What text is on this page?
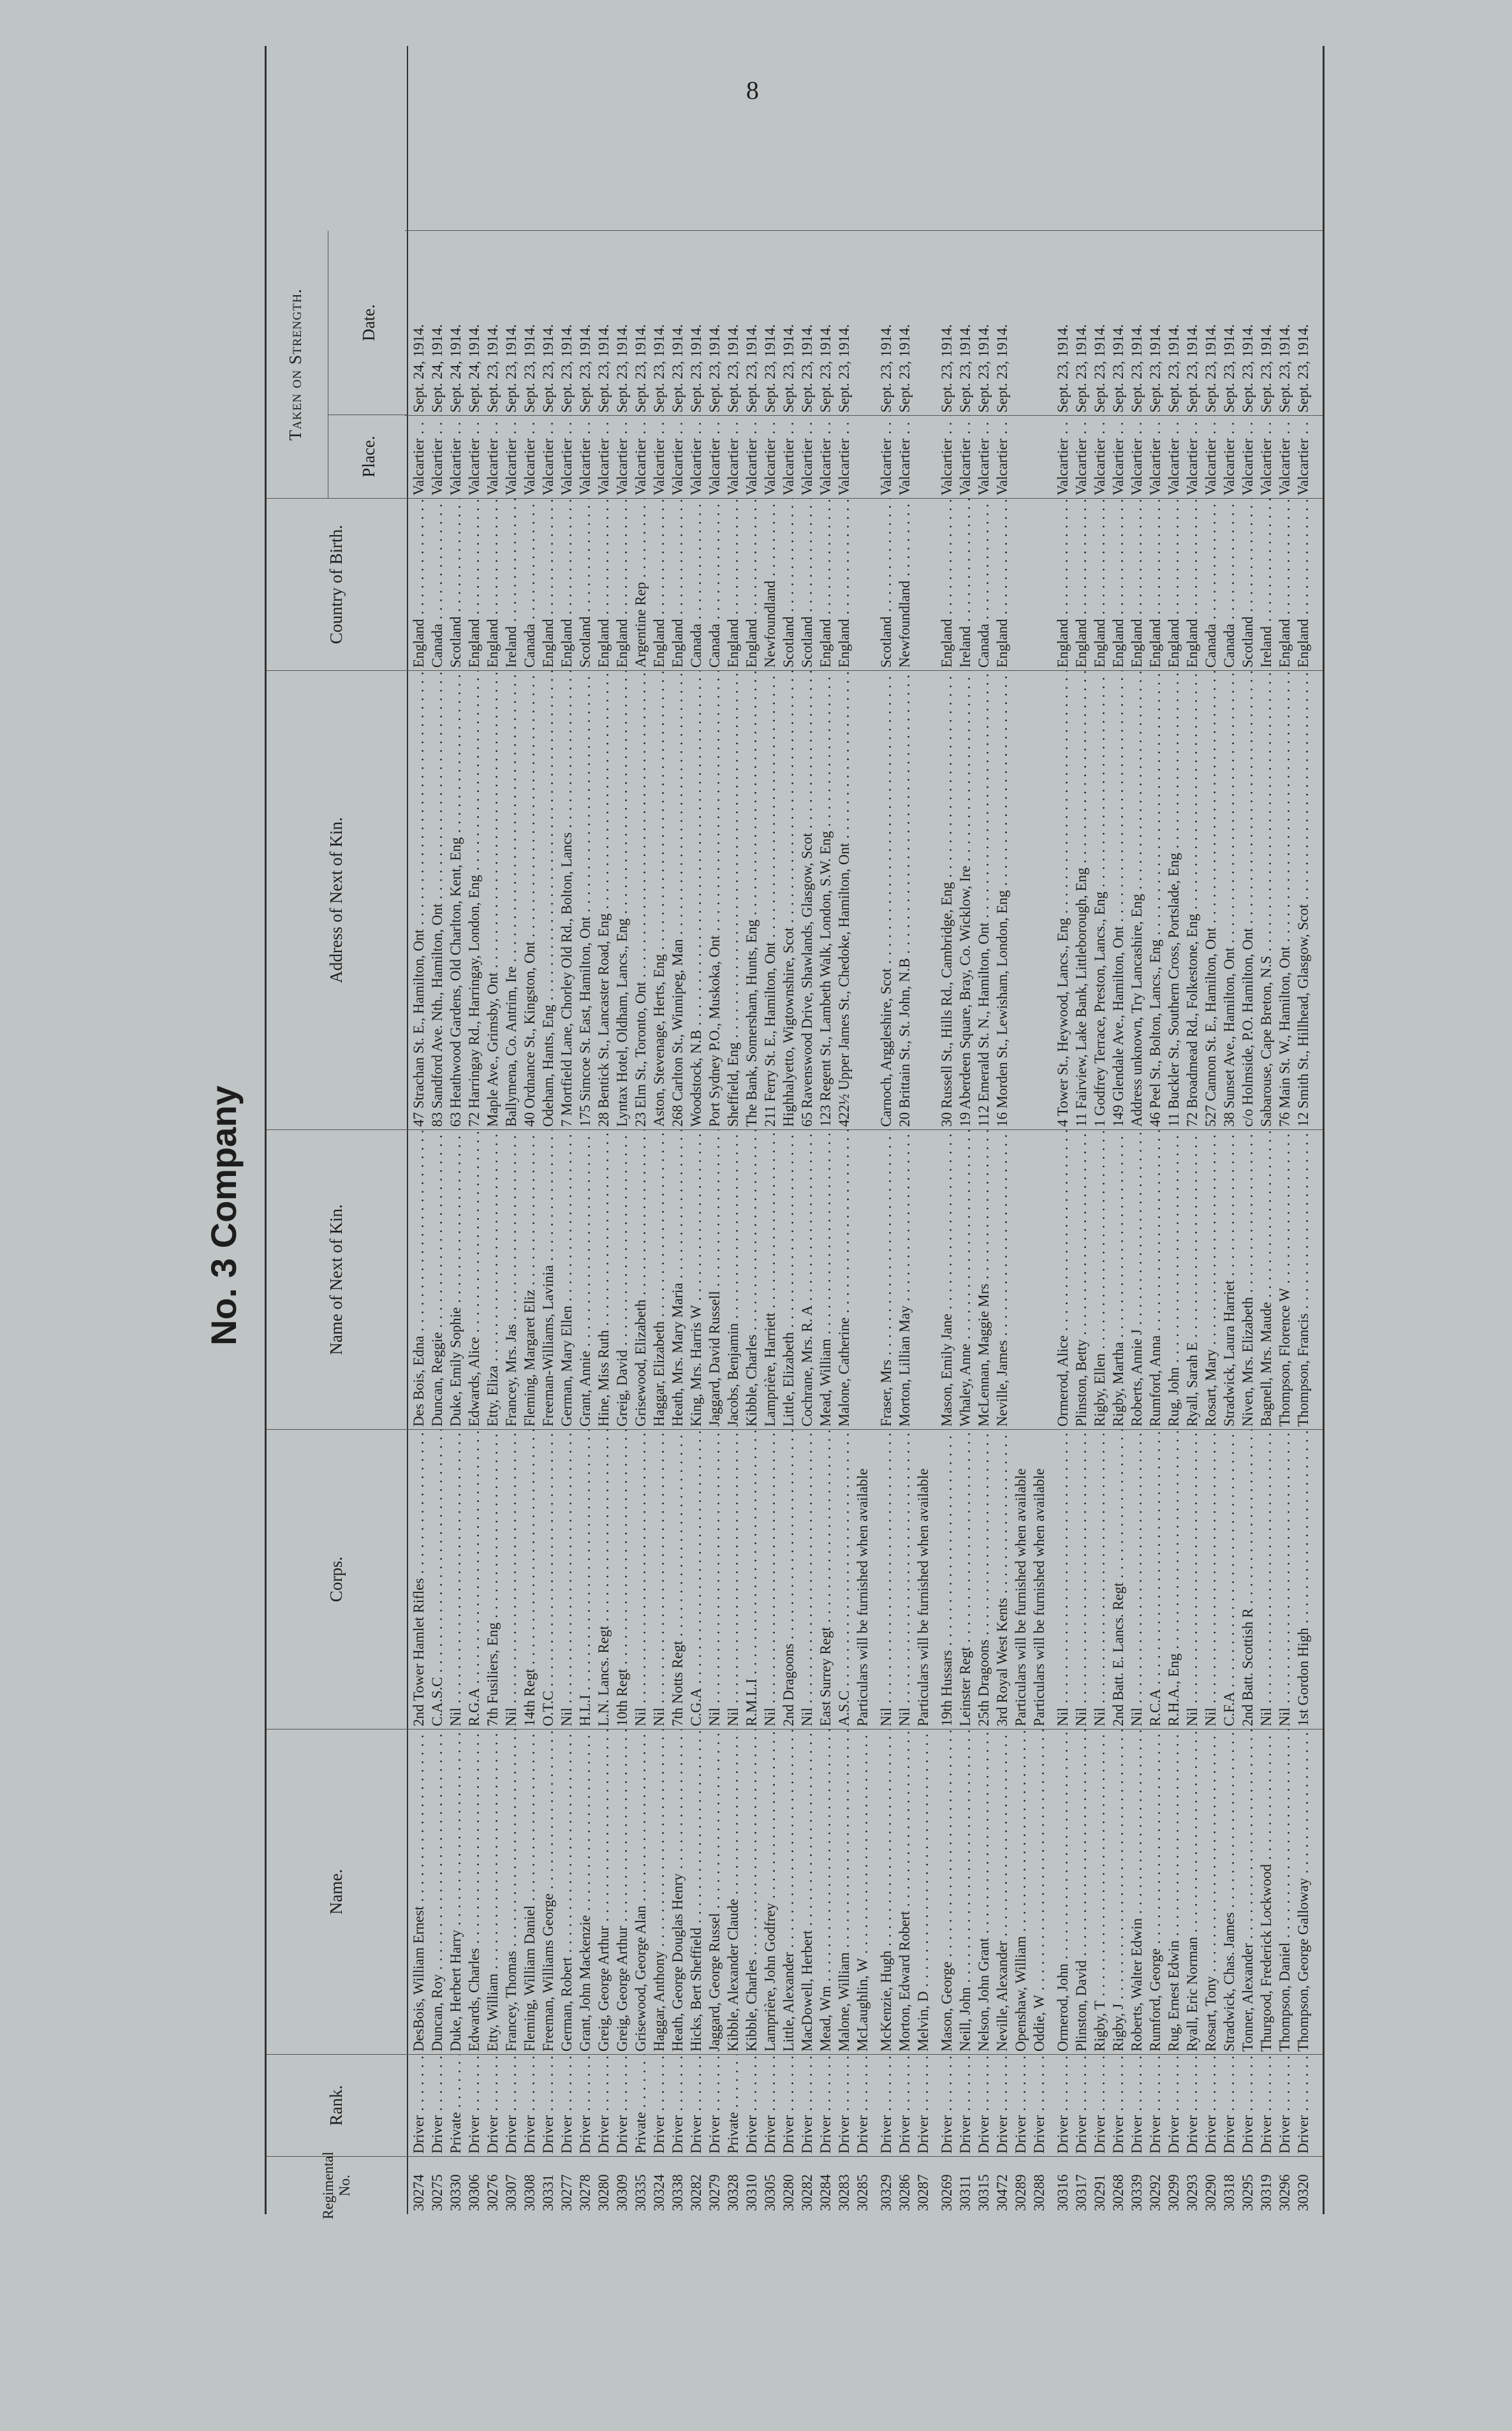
8
No. 3 Company
Regimental No.
Rank.
Name.
Corps.
Name of Next of Kin.
Address of Next of Kin.
Country of Birth.
Taken on Strength.
Place.
Date.
30274
Driver . . .
DesBois, William Ernest . . .
2nd Tower Hamlet Rifles . . .
Des Bois, Edna . . .
47 Strachan St. E., Hamilton, Ont . . .
England . . .
Valcartier . . .
Sept. 24, 1914.
30275
Driver . . .
Duncan, Roy . . .
C.A.S.C . . .
Duncan, Reggie . . .
83 Sandford Ave. Nth., Hamilton, Ont . . .
Canada . . .
Valcartier . . .
Sept. 24, 1914.
30330
Private . . .
Duke, Herbert Harry . . .
Nil . . .
Duke, Emily Sophie . . .
63 Heathwood Gardens, Old Charlton, Kent, Eng . . .
Scotland . . .
Valcartier . . .
Sept. 24, 1914.
30306
Driver . . .
Edwards, Charles . . .
R.G.A . . .
Edwards, Alice . . .
72 Harringay Rd., Harringay, London, Eng . . .
England . . .
Valcartier . . .
Sept. 24, 1914.
30276
Driver . . .
Etty, William . . .
7th Fusiliers, Eng . . .
Etty, Eliza . . .
Maple Ave., Grimsby, Ont . . .
England . . .
Valcartier . . .
Sept. 23, 1914.
30307
Driver . . .
Francey, Thomas . . .
Nil . . .
Francey, Mrs. Jas . . .
Ballymena, Co. Antrim, Ire . . .
Ireland . . .
Valcartier . . .
Sept. 23, 1914.
30308
Driver . . .
Fleming, William Daniel . . .
14th Regt . . .
Fleming, Margaret Eliz . . .
40 Ordnance St., Kingston, Ont . . .
Canada . . .
Valcartier . . .
Sept. 23, 1914.
30331
Driver . . .
Freeman, Williams George . . .
O.T.C . . .
Freeman-Williams, Lavinia . . .
Odeham, Hants, Eng . . .
England . . .
Valcartier . . .
Sept. 23, 1914.
30277
Driver . . .
German, Robert . . .
Nil . . .
German, Mary Ellen . . .
7 Mortfield Lane, Chorley Old Rd., Bolton, Lancs . . .
England . . .
Valcartier . . .
Sept. 23, 1914.
30278
Driver . . .
Grant, John Mackenzie . . .
H.L.I . . .
Grant, Annie . . .
175 Simcoe St. East, Hamilton, Ont . . .
Scotland . . .
Valcartier . . .
Sept. 23, 1914.
30280
Driver . . .
Greig, George Arthur . . .
L.N. Lancs. Regt . . .
Hine, Miss Ruth . . .
28 Bentick St., Lancaster Road, Eng . . .
England . . .
Valcartier . . .
Sept. 23, 1914.
30309
Driver . . .
Greig, George Arthur . . .
10th Regt . . .
Greig, David . . .
Lyntax Hotel, Oldham, Lancs., Eng . . .
England . . .
Valcartier . . .
Sept. 23, 1914.
30335
Private . . .
Grisewood, George Alan . . .
Nil . . .
Grisewood, Elizabeth . . .
23 Elm St., Toronto, Ont . . .
Argentine Rep . . .
Valcartier . . .
Sept. 23, 1914.
30324
Driver . . .
Haggar, Anthony . . .
Nil . . .
Haggar, Elizabeth . . .
Aston, Stevenage, Herts, Eng . . .
England . . .
Valcartier . . .
Sept. 23, 1914.
30338
Driver . . .
Heath, George Douglas Henry . . .
7th Notts Regt . . .
Heath, Mrs. Mary Maria . . .
268 Carlton St., Winnipeg, Man . . .
England . . .
Valcartier . . .
Sept. 23, 1914.
30282
Driver . . .
Hicks, Bert Sheffield . . .
C.G.A . . .
King, Mrs. Harris W . . .
Woodstock, N.B . . .
Canada . . .
Valcartier . . .
Sept. 23, 1914.
30279
Driver . . .
Jaggard, George Russel . . .
Nil . . .
Jaggard, David Russell . . .
Port Sydney P.O., Muskoka, Ont . . .
Canada . . .
Valcartier . . .
Sept. 23, 1914.
30328
Private . . .
Kibble, Alexander Claude . . .
Nil . . .
Jacobs, Benjamin . . .
Sheffield, Eng . . .
England . . .
Valcartier . . .
Sept. 23, 1914.
30310
Driver . . .
Kibble, Charles . . .
R.M.L.I . . .
Kibble, Charles . . .
The Bank, Somersham, Hunts, Eng . . .
England . . .
Valcartier . . .
Sept. 23, 1914.
30305
Driver . . .
Lamprière, John Godfrey . . .
Nil . . .
Lamprière, Harriett . . .
211 Ferry St. E., Hamilton, Ont . . .
Newfoundland . . .
Valcartier . . .
Sept. 23, 1914.
30280
Driver . . .
Little, Alexander . . .
2nd Dragoons . . .
Little, Elizabeth . . .
Highhalyetto, Wigtownshire, Scot . . .
Scotland . . .
Valcartier . . .
Sept. 23, 1914.
30282
Driver . . .
MacDowell, Herbert . . .
Nil . . .
Cochrane, Mrs. R. A . . .
65 Ravenswood Drive, Shawlands, Glasgow, Scot . . .
Scotland . . .
Valcartier . . .
Sept. 23, 1914.
30284
Driver . . .
Mead, Wm . . .
East Surrey Regt . . .
Mead, William . . .
123 Regent St., Lambeth Walk, London, S.W. Eng . . .
England . . .
Valcartier . . .
Sept. 23, 1914.
30283
Driver . . .
Malone, William . . .
A.S.C . . .
Malone, Catherine . . .
422½ Upper James St., Chedoke, Hamilton, Ont . . .
England . . .
Valcartier . . .
Sept. 23, 1914.
30285
Driver . . .
McLaughlin, W . . .
Particulars will be furnished when available
30329
Driver . . .
McKenzie, Hugh . . .
Nil . . .
Fraser, Mrs . . .
Carnoch, Arggleshire, Scot . . .
Scotland . . .
Valcartier . . .
Sept. 23, 1914.
30286
Driver . . .
Morton, Edward Robert . . .
Nil . . .
Morton, Lillian May . . .
20 Brittain St., St. John, N.B . . .
Newfoundland . . .
Valcartier . . .
Sept. 23, 1914.
30287
Driver . . .
Melvin, D . . .
Particulars will be furnished when available
30269
Driver . . .
Mason, George . . .
19th Hussars . . .
Mason, Emily Jane . . .
30 Russell St., Hills Rd., Cambridge, Eng . . .
England . . .
Valcartier . . .
Sept. 23, 1914.
30311
Driver . . .
Neill, John . . .
Leinster Regt . . .
Whaley, Anne . . .
19 Aberdeen Square, Bray, Co. Wicklow, Ire . . .
Ireland . . .
Valcartier . . .
Sept. 23, 1914.
30315
Driver . . .
Nelson, John Grant . . .
25th Dragoons . . .
McLennan, Maggie Mrs . . .
112 Emerald St. N., Hamilton, Ont . . .
Canada . . .
Valcartier . . .
Sept. 23, 1914.
30472
Driver . . .
Neville, Alexander . . .
3rd Royal West Kents . . .
Neville, James . . .
16 Morden St., Lewisham, London, Eng . . .
England . . .
Valcartier . . .
Sept. 23, 1914.
30289
Driver . . .
Openshaw, William . . .
Particulars will be furnished when available
30288
Driver . . .
Oddie, W . . .
Particulars will be furnished when available
30316
Driver . . .
Ormerod, John . . .
Nil . . .
Ormerod, Alice . . .
4 Tower St., Heywood, Lancs., Eng . . .
England . . .
Valcartier . . .
Sept. 23, 1914.
30317
Driver . . .
Plinston, David . . .
Nil . . .
Plinston, Betty . . .
11 Fairview, Lake Bank, Littleborough, Eng . . .
England . . .
Valcartier . . .
Sept. 23, 1914.
30291
Driver . . .
Rigby, T . . .
Nil . . .
Rigby, Ellen . . .
1 Godfrey Terrace, Preston, Lancs., Eng . . .
England . . .
Valcartier . . .
Sept. 23, 1914.
30268
Driver . . .
Rigby, J . . .
2nd Batt. E. Lancs. Regt . . .
Rigby, Martha . . .
149 Glendale Ave., Hamilton, Ont . . .
England . . .
Valcartier . . .
Sept. 23, 1914.
30339
Driver . . .
Roberts, Walter Edwin . . .
Nil . . .
Roberts, Annie J . . .
Address unknown, Try Lancashire, Eng . . .
England . . .
Valcartier . . .
Sept. 23, 1914.
30292
Driver . . .
Rumford, George . . .
R.C.A . . .
Rumford, Anna . . .
46 Peel St., Bolton, Lancs., Eng . . .
England . . .
Valcartier . . .
Sept. 23, 1914.
30299
Driver . . .
Rug, Ernest Edwin . . .
R.H.A., Eng . . .
Rug, John . . .
11 Buckler St., Southern Cross, Portslade, Eng . . .
England . . .
Valcartier . . .
Sept. 23, 1914.
30293
Driver . . .
Ryall, Eric Norman . . .
Nil . . .
Ryall, Sarah E . . .
72 Broadmead Rd., Folkestone, Eng . . .
England . . .
Valcartier . . .
Sept. 23, 1914.
30290
Driver . . .
Rosart, Tony . . .
Nil . . .
Rosart, Mary . . .
527 Cannon St. E., Hamilton, Ont . . .
Canada . . .
Valcartier . . .
Sept. 23, 1914.
30318
Driver . . .
Stradwick, Chas. James . . .
C.F.A . . .
Stradwick, Laura Harriet . . .
38 Sunset Ave., Hamilton, Ont . . .
Canada . . .
Valcartier . . .
Sept. 23, 1914.
30295
Driver . . .
Tonner, Alexander . . .
2nd Batt. Scottish R . . .
Niven, Mrs. Elizabeth . . .
c/o Holmside, P.O. Hamilton, Ont . . .
Scotland . . .
Valcartier . . .
Sept. 23, 1914.
30319
Driver . . .
Thurgood, Frederick Lockwood . . .
Nil . . .
Bagnell, Mrs. Maude . . .
Sabarouse, Cape Breton, N.S . . .
Ireland . . .
Valcartier . . .
Sept. 23, 1914.
30296
Driver . . .
Thompson, Daniel . . .
Nil . . .
Thompson, Florence W . . .
76 Main St. W., Hamilton, Ont . . .
England . . .
Valcartier . . .
Sept. 23, 1914.
30320
Driver . . .
Thompson, George Galloway . . .
1st Gordon High . . .
Thompson, Francis . . .
12 Smith St., Hillhead, Glasgow, Scot . . .
England . . .
Valcartier . . .
Sept. 23, 1914.
